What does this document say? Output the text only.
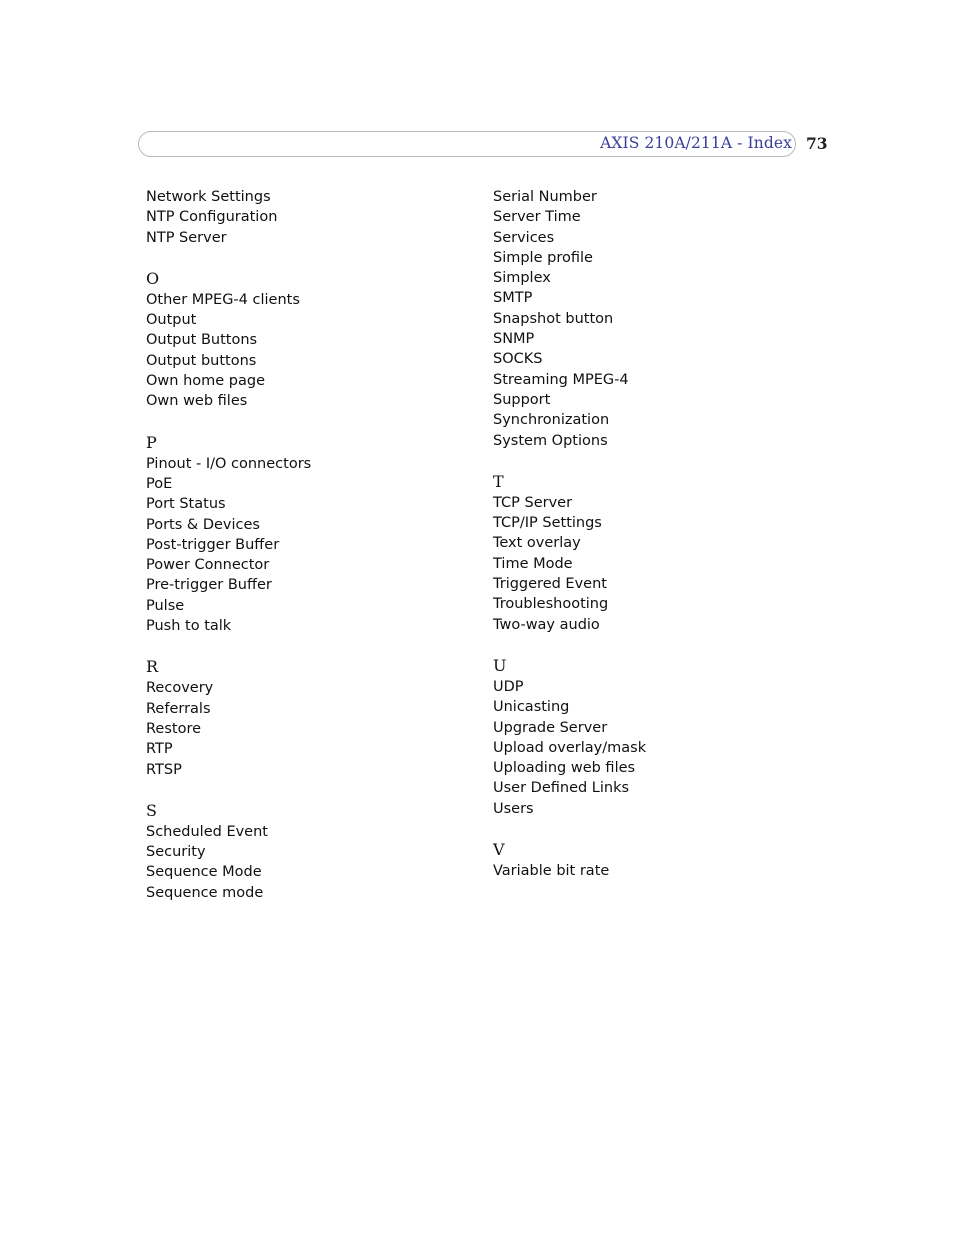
AXIS 210A/211A - Index 73
Network Settings
NTP Configuration
NTP Server
O
Other MPEG-4 clients
Output
Output Buttons
Output buttons
Own home page
Own web files
P
Pinout - I/O connectors
PoE
Port Status
Ports & Devices
Post-trigger Buffer
Power Connector
Pre-trigger Buffer
Pulse
Push to talk
R
Recovery
Referrals
Restore
RTP
RTSP
S
Scheduled Event
Security
Sequence Mode
Sequence mode
Serial Number
Server Time
Services
Simple profile
Simplex
SMTP
Snapshot button
SNMP
SOCKS
Streaming MPEG-4
Support
Synchronization
System Options
T
TCP Server
TCP/IP Settings
Text overlay
Time Mode
Triggered Event
Troubleshooting
Two-way audio
U
UDP
Unicasting
Upgrade Server
Upload overlay/mask
Uploading web files
User Defined Links
Users
V
Variable bit rate
